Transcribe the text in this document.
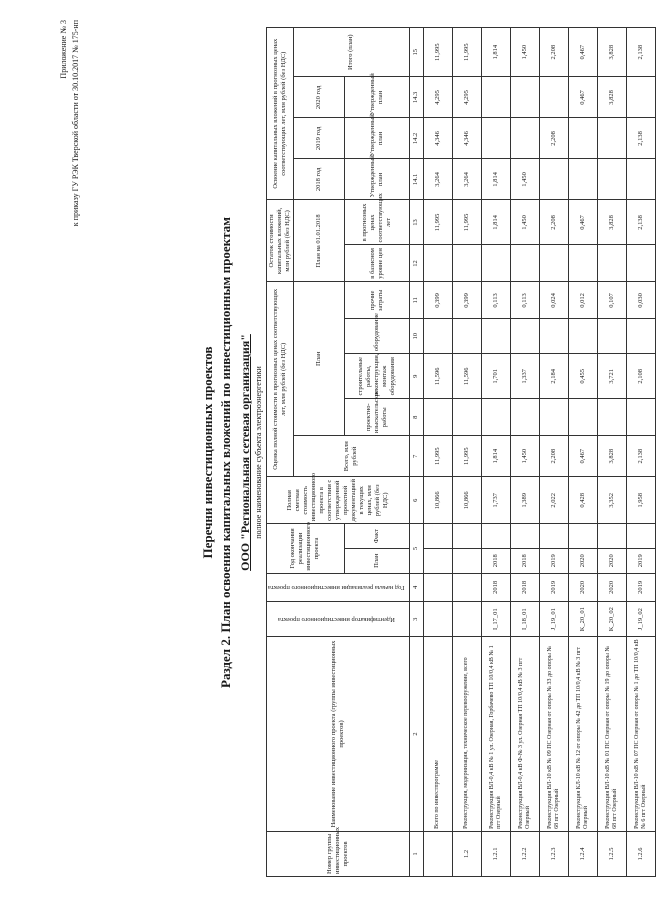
Приложение № 3 к приказу ГУ РЭК Тверской области от 30.10.2017 № 175-нп
Перечни инвестиционных проектов Раздел 2. План освоения капитальных вложений по инвестиционным проектам ООО "Региональная сетевая организация" полное наименование субъекта электроэнергетики
Номер группы инвестиционных проектов	Наименование инвестиционного проекта (группы инвестиционных проектов)	Идентификатор инвестиционного проекта	Год начала реализации инвестиционного проекта	Год окончания реализации инвестиционного проекта		Полная сметная стоимость инвестиционного проекта в соответствии с утвержденной проектной документацией в текущих ценах, млн рублей (без НДС)	Оценка полной стоимости в прогнозных ценах соответствующих лет, млн рублей (без НДС)					Остаток стоимости капитальных вложений, млн рублей (без НДС)		Освоение капитальных вложений в прогнозных ценах соответствующих лет, млн рублей (без НДС)			
							Всего, млн рублей	План				План на 01.01.2018		2018 год	2019 год	2020 год	Итого (план)
				План	Факт			проектно-изыскательские работы	строительные работы, реконструкция, монтаж оборудования	оборудование	прочие затраты	в базисном уровне цен	в прогнозных ценах соответствующих лет	Утвержденный план	Утвержденный план	Утвержденный план	
1	2	3	4	5		6	7	8	9	10	11	12	13	14.1	14.2	14.3	15
	Всего по инвестпрограмме					10,866	11,995		11,596		0,399		11,995	3,264	4,346	4,295	11,995
1.2	Реконструкция, модернизация, техническое перевооружение, всего					10,866	11,995		11,596		0,399		11,995	3,264	4,346	4,295	11,995
1.2.1	Реконструкция ВЛ-0,4 кВ № 1 ул. Озерная, Горбачево ТП 10/0,4 кВ № 1 пгт Озерный	I_17_01	2018	2018		1,737	1,814		1,701		0,113		1,814	1,814			1,814
1.2.2	Реконструкция ВЛ-0,4 кВ Ф-№ 3 ул. Озерная ТП 10/0,4 кВ № 3 пгт Озерный	I_18_01	2018	2018		1,389	1,450		1,337		0,113		1,450	1,450			1,450
1.2.3	Реконструкция ВЛ-10 кВ № 09 ПС Озерная от опоры № 33 до опоры № 68 пгт Озерный	J_19_01	2019	2019		2,022	2,208		2,184		0,024		2,208		2,208		2,208
1.2.4	Реконструкция КЛ-10 кВ № 12 от опоры № 42 до ТП 10/0,4 кВ № 3 пгт Озерный	K_20_01	2020	2020		0,428	0,467		0,455		0,012		0,467			0,467	0,467
1.2.5	Реконструкция ВЛ-10 кВ № 01 ПС Озерная от опоры № 19 до опоры № 68 пгт Озерный	K_20_02	2020	2020		3,352	3,828		3,721		0,107		3,828			3,828	3,828
1.2.6	Реконструкция ВЛ-10 кВ № 07 ПС Озерная от опоры № 1 до ТП 10/0,4 кВ № 6 пгт Озерный	J_19_02	2019	2019		1,958	2,138		2,108		0,030		2,138		2,138		2,138
